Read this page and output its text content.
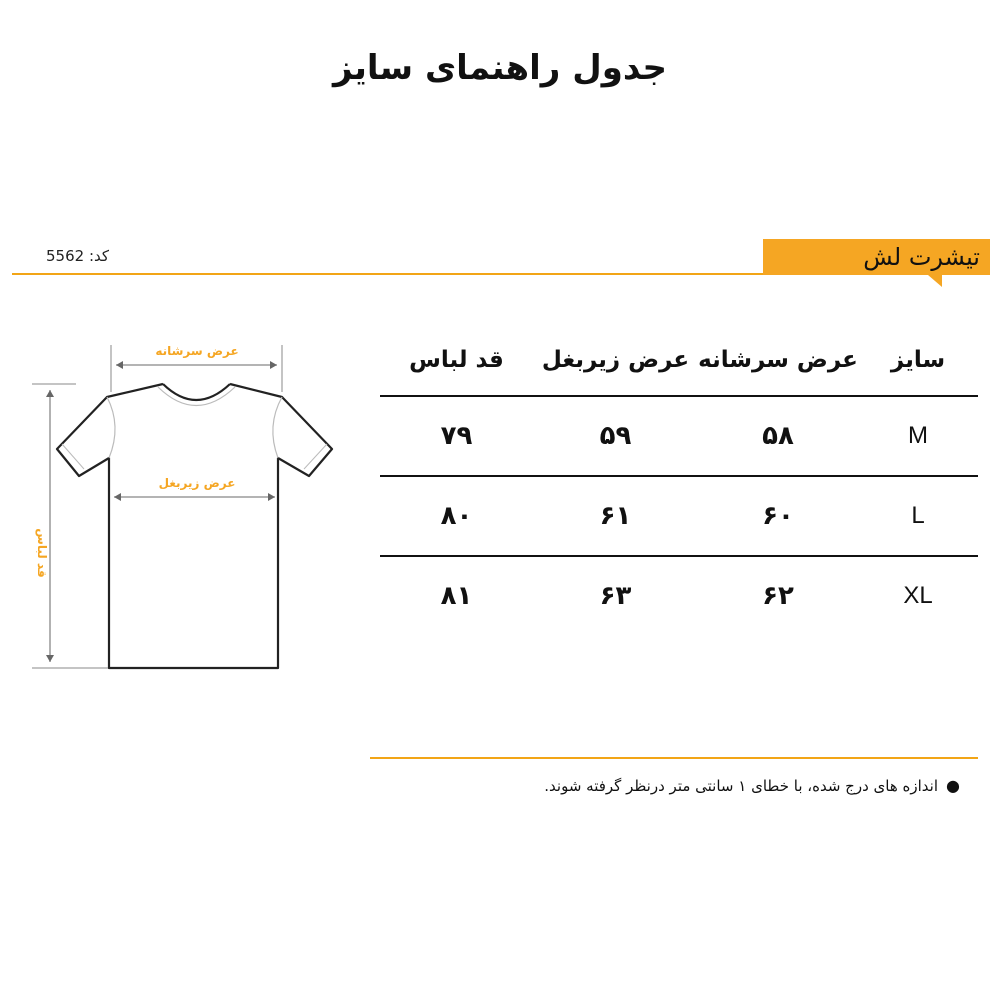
جدول راهنمای سایز
کد: 5562	تیشرت لش
عرض سرشانه
عرض زیربغل
قد لباس
سایز	عرض سرشانه	عرض زیربغل	قد لباس
M	۵۸	۵۹	۷۹
L	۶۰	۶۱	۸۰
XL	۶۲	۶۳	۸۱
●اندازه های درج شده، با خطای ۱ سانتی متر درنظر گرفته شوند.
